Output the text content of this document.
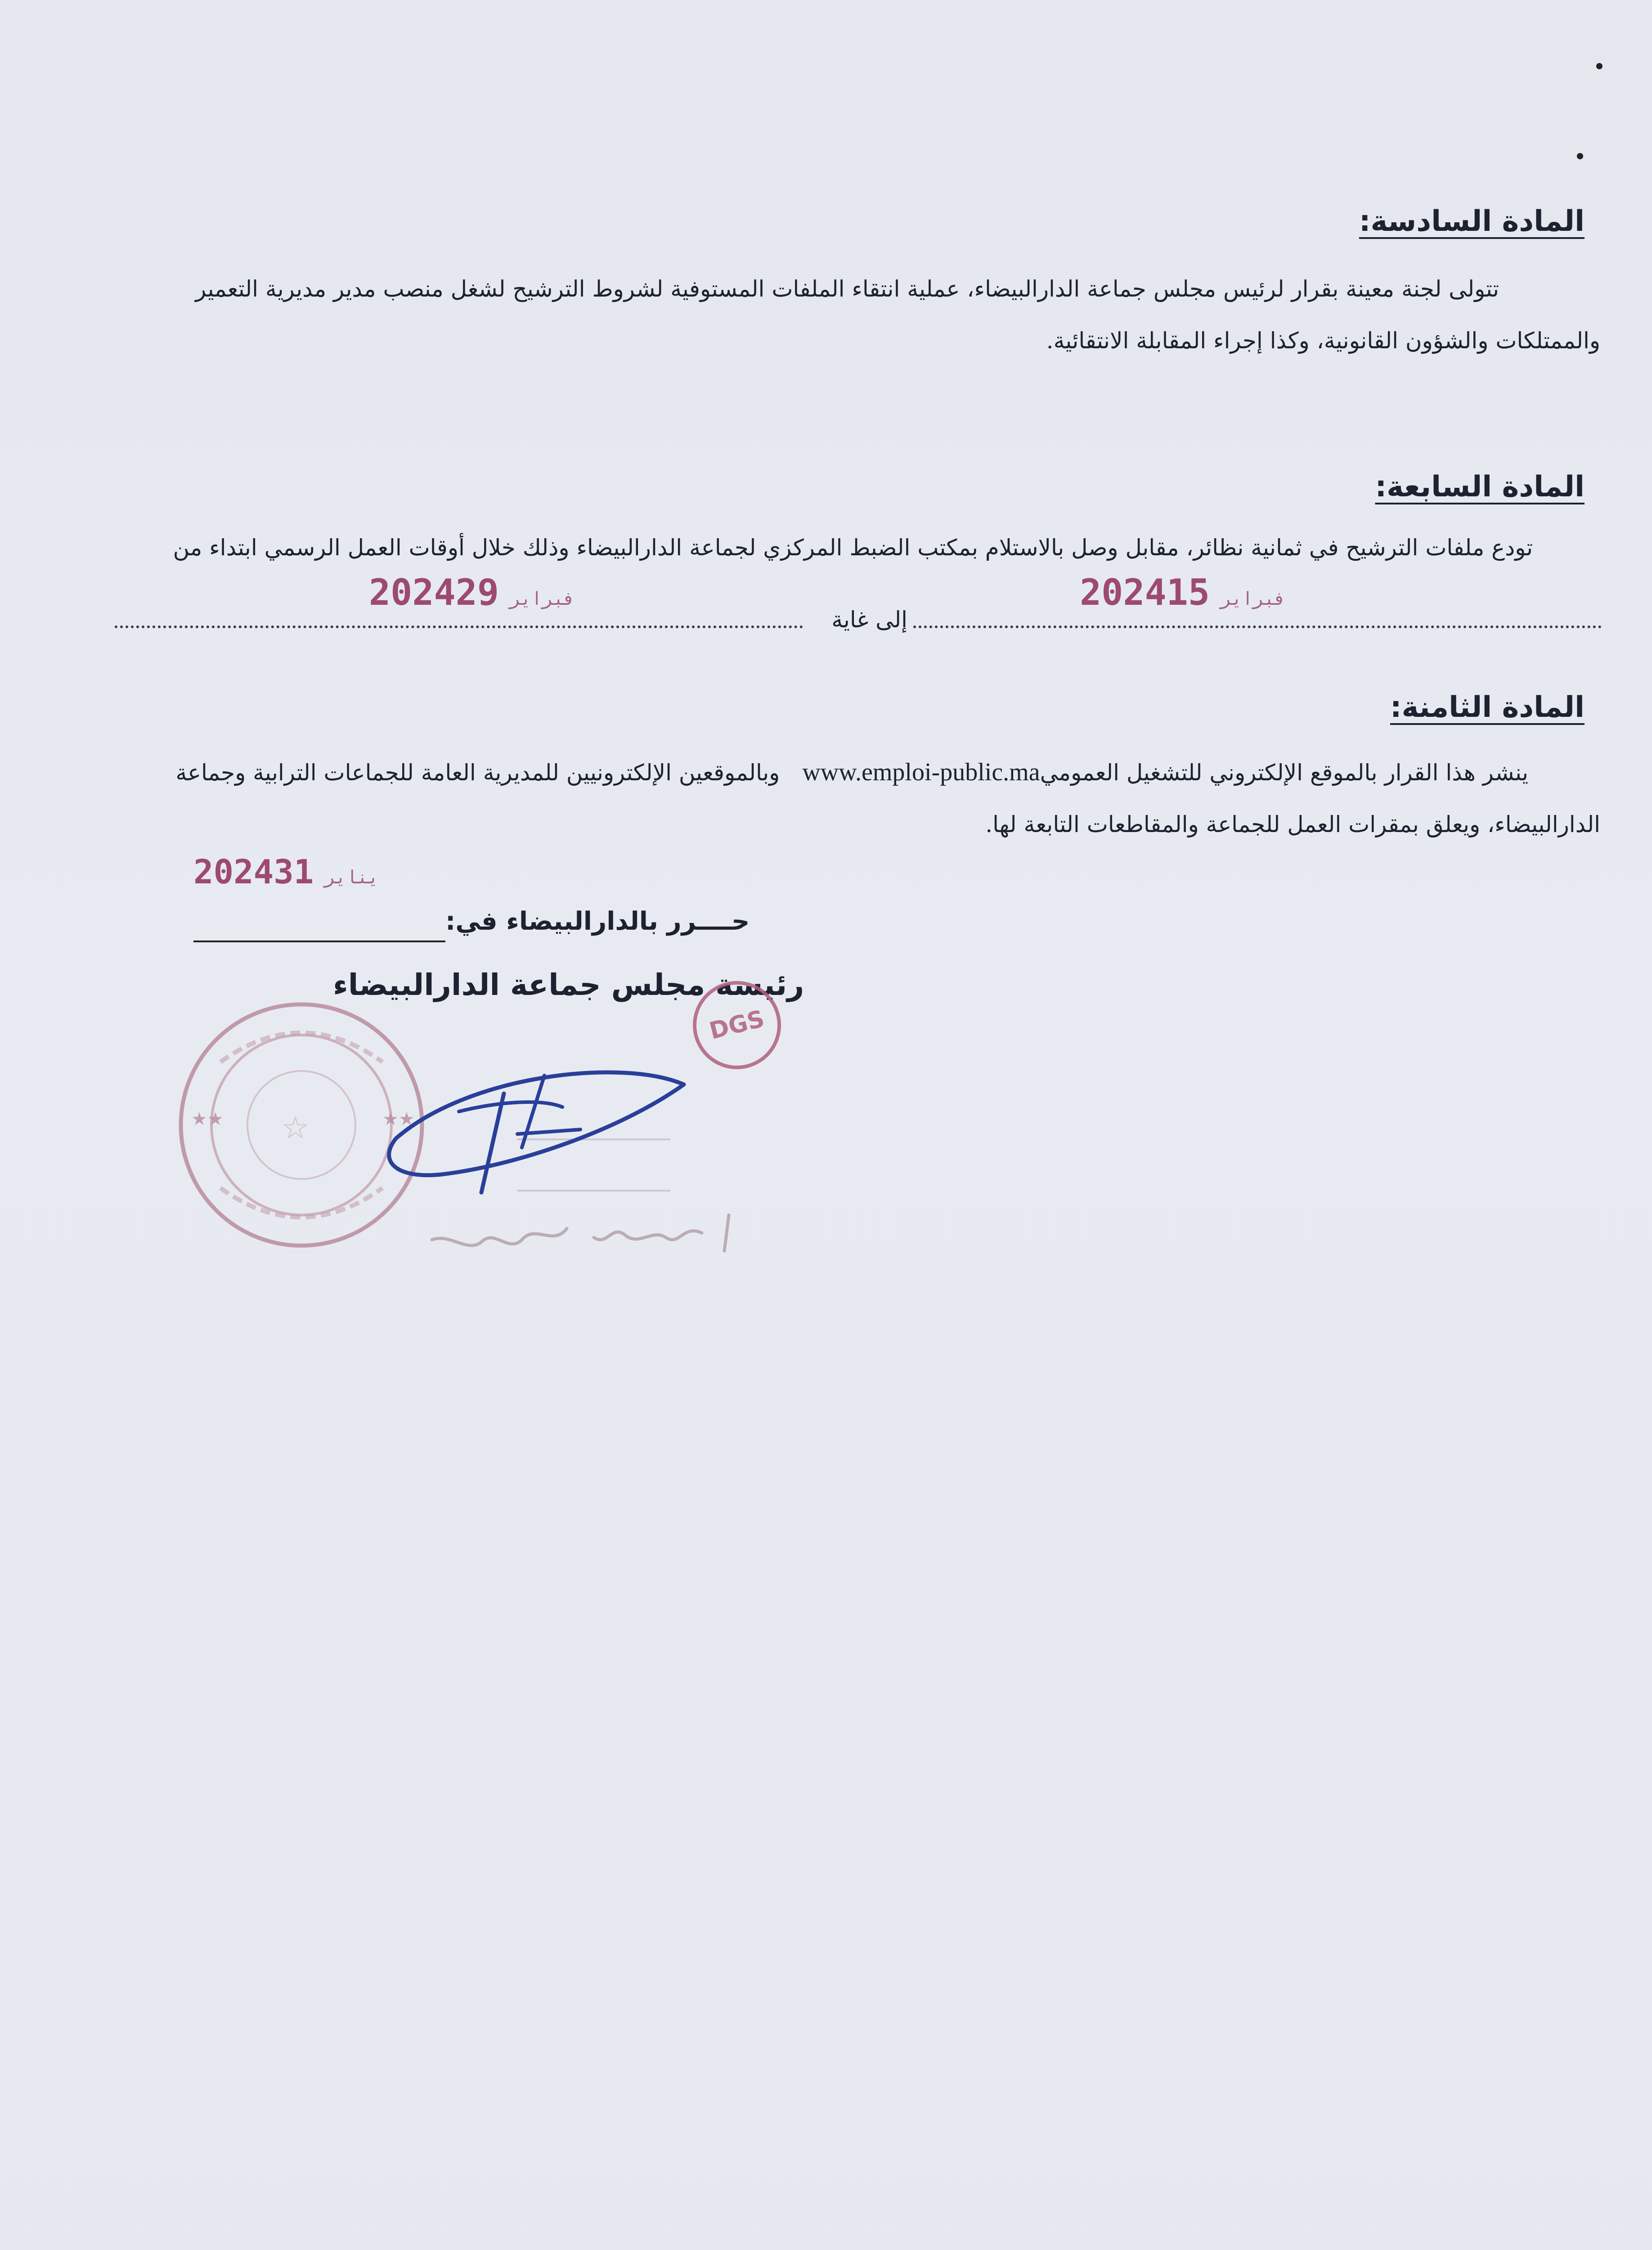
المادة السادسة:
تتولى لجنة معينة بقرار لرئيس مجلس جماعة الدارالبيضاء، عملية انتقاء الملفات المستوفية لشروط الترشيح لشغل منصب مدير مديرية التعمير
والممتلكات والشؤون القانونية، وكذا إجراء المقابلة الانتقائية.
المادة السابعة:
تودع ملفات الترشيح في ثمانية نظائر، مقابل وصل بالاستلام بمكتب الضبط المركزي لجماعة الدارالبيضاء وذلك خلال أوقات العمل الرسمي ابتداء من
2024	فبراير15
2024	فبراير29
إلى غاية
المادة الثامنة:
ينشر هذا القرار بالموقع الإلكتروني للتشغيل العموميwww.emploi-public.maوبالموقعين الإلكترونيين للمديرية العامة للجماعات الترابية وجماعة
الدارالبيضاء، ويعلق بمقرات العمل للجماعة والمقاطعات التابعة لها.
2024	يناير31
حــــرر بالدارالبيضاء في:
رئيسة مجلس جماعة الدارالبيضاء
★★	★★
☆
DGS
